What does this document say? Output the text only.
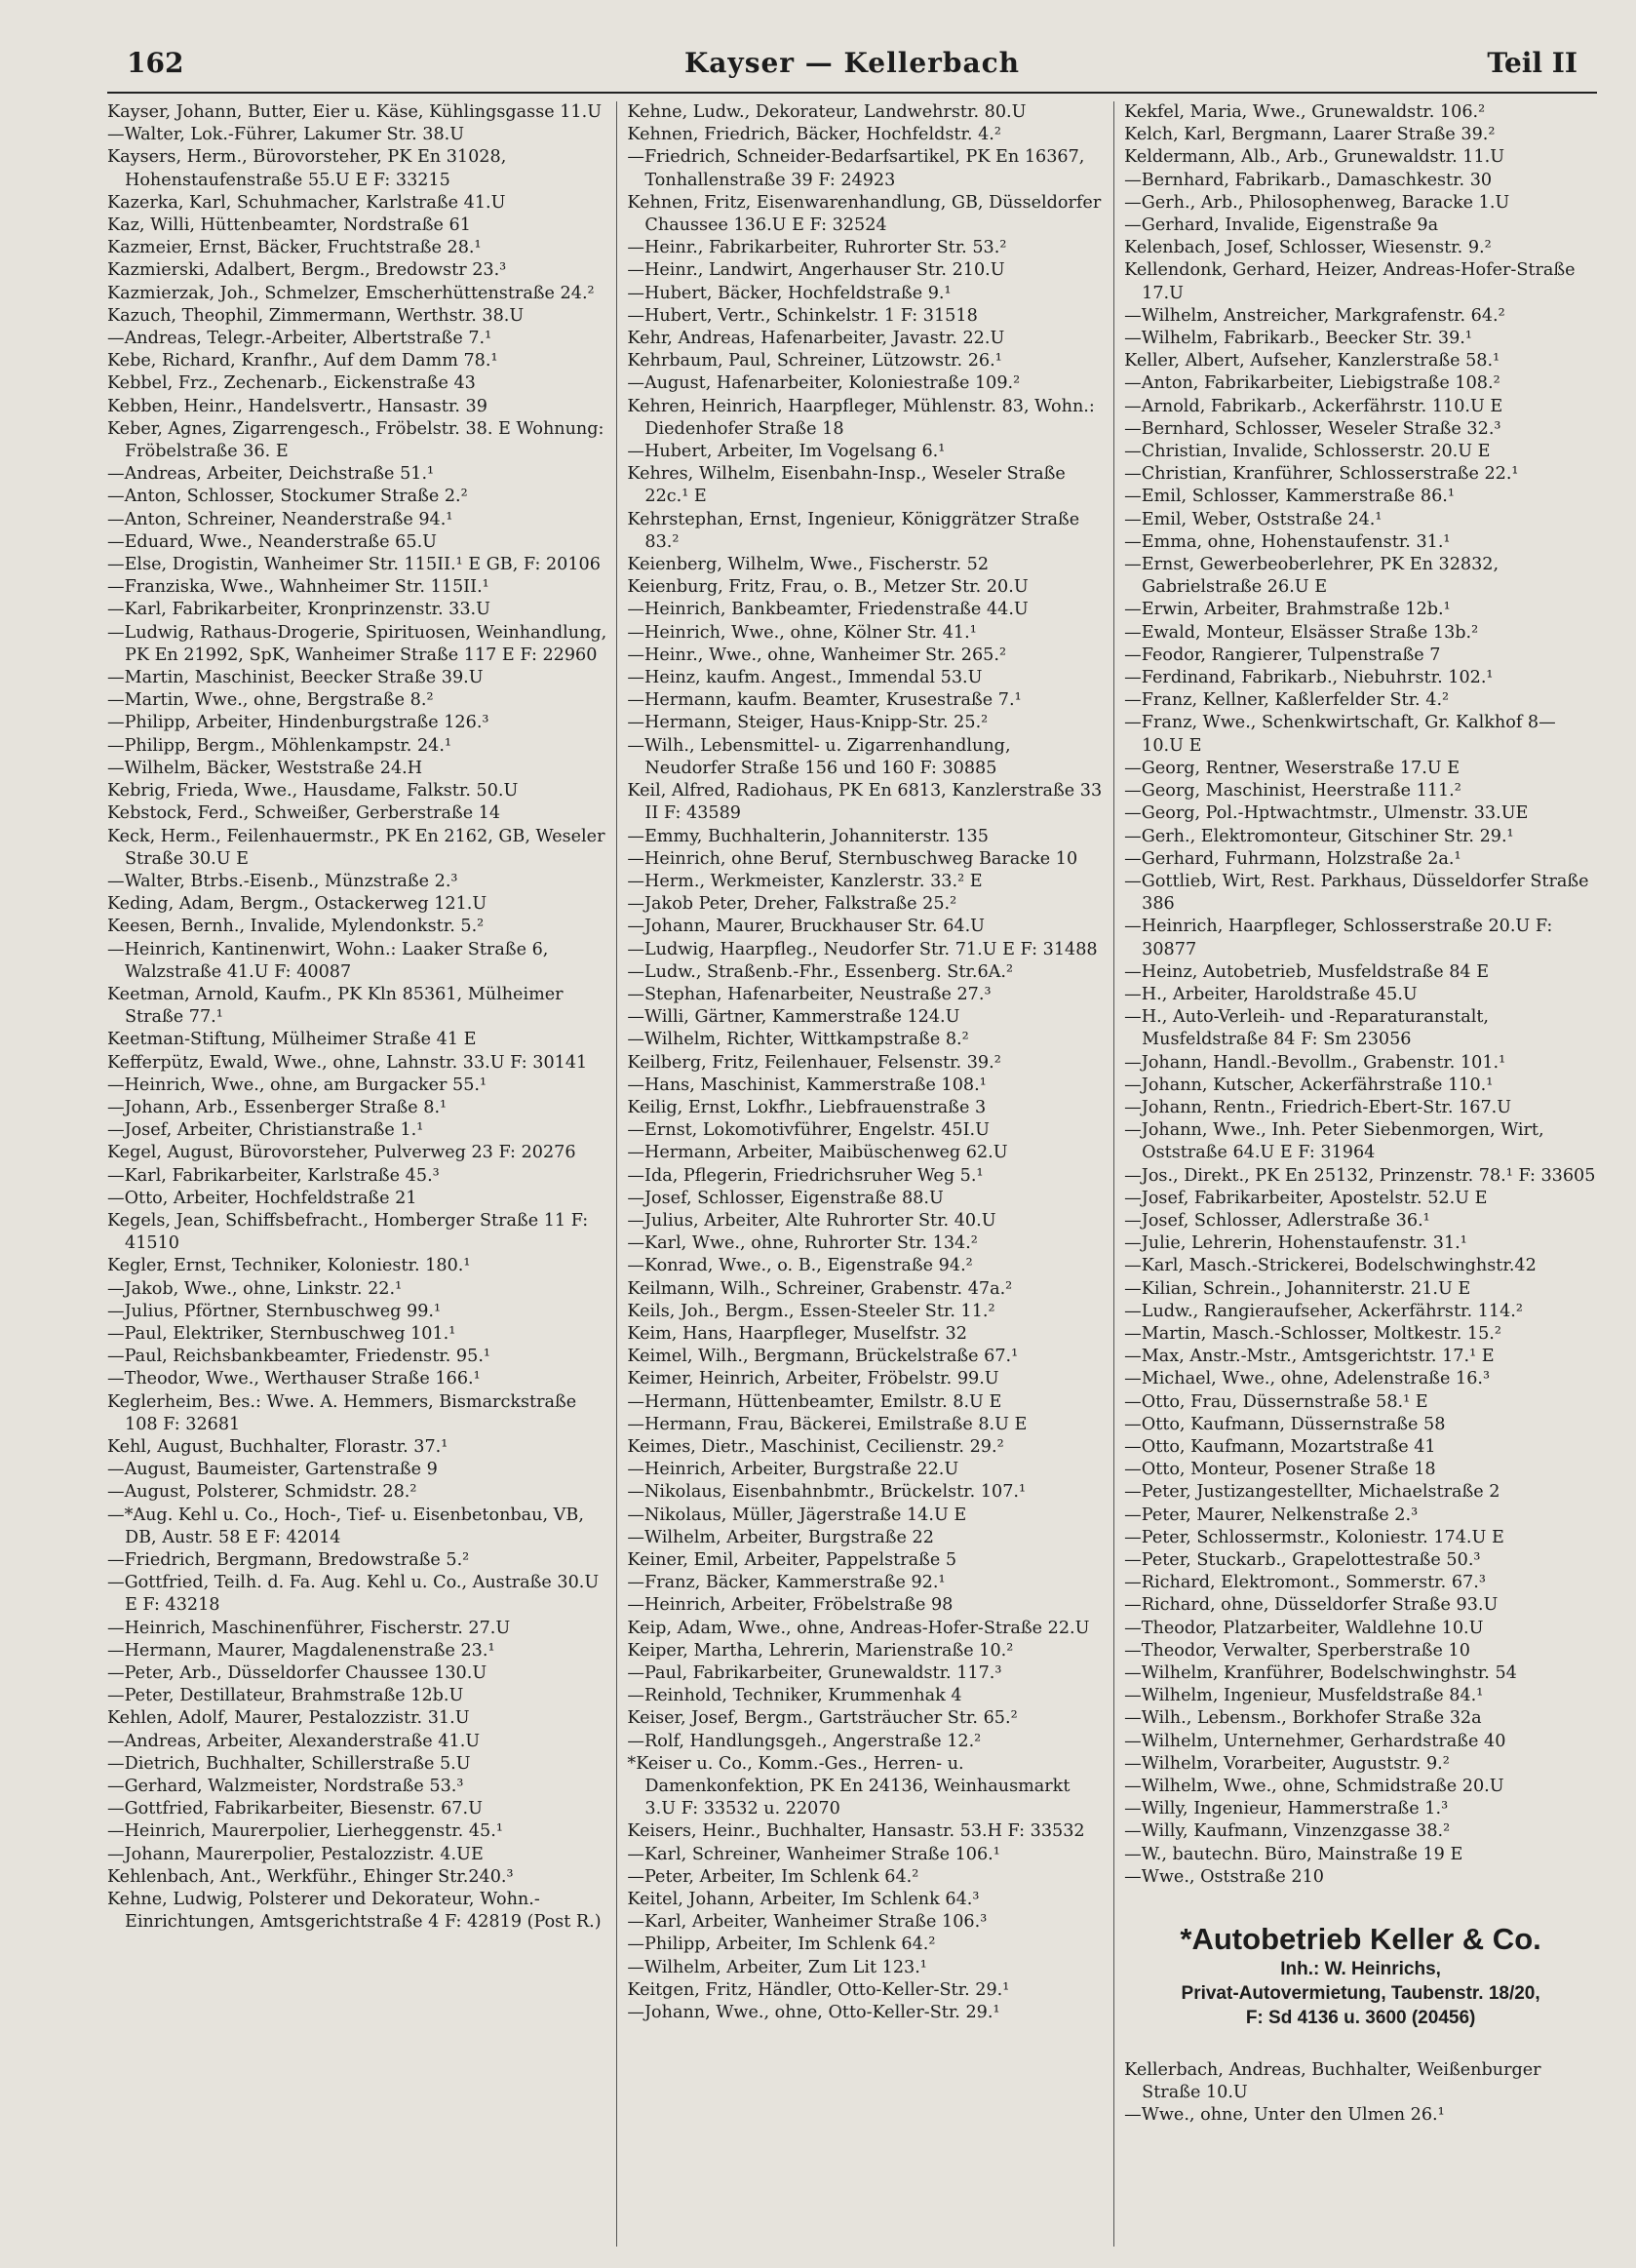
162	Kayser — Kellerbach	Teil II
Kayser, Johann, Butter, Eier u. Käse, Kühlingsgasse 11.U
—Walter, Lok.-Führer, Lakumer Str. 38.U
Kaysers, Herm., Bürovorsteher, PK En 31028, Hohenstaufenstraße 55.U E F: 33215
Kazerka, Karl, Schuhmacher, Karlstraße 41.U
Kaz, Willi, Hüttenbeamter, Nordstraße 61
Kazmeier, Ernst, Bäcker, Fruchtstraße 28.¹
Kazmierski, Adalbert, Bergm., Bredowstr 23.³
Kazmierzak, Joh., Schmelzer, Emscherhüttenstraße 24.²
Kazuch, Theophil, Zimmermann, Werthstr. 38.U
—Andreas, Telegr.-Arbeiter, Albertstraße 7.¹
Kebe, Richard, Kranfhr., Auf dem Damm 78.¹
Kebbel, Frz., Zechenarb., Eickenstraße 43
Kebben, Heinr., Handelsvertr., Hansastr. 39
Keber, Agnes, Zigarrengesch., Fröbelstr. 38. E Wohnung: Fröbelstraße 36. E
—Andreas, Arbeiter, Deichstraße 51.¹
—Anton, Schlosser, Stockumer Straße 2.²
—Anton, Schreiner, Neanderstraße 94.¹
—Eduard, Wwe., Neanderstraße 65.U
—Else, Drogistin, Wanheimer Str. 115II.¹ E GB, F: 20106
—Franziska, Wwe., Wahnheimer Str. 115II.¹
—Karl, Fabrikarbeiter, Kronprinzenstr. 33.U
—Ludwig, Rathaus-Drogerie, Spirituosen, Weinhandlung, PK En 21992, SpK, Wanheimer Straße 117 E F: 22960
—Martin, Maschinist, Beecker Straße 39.U
—Martin, Wwe., ohne, Bergstraße 8.²
—Philipp, Arbeiter, Hindenburgstraße 126.³
—Philipp, Bergm., Möhlenkampstr. 24.¹
—Wilhelm, Bäcker, Weststraße 24.H
Kebrig, Frieda, Wwe., Hausdame, Falkstr. 50.U
Kebstock, Ferd., Schweißer, Gerberstraße 14
Keck, Herm., Feilenhauermstr., PK En 2162, GB, Weseler Straße 30.U E
—Walter, Btrbs.-Eisenb., Münzstraße 2.³
Keding, Adam, Bergm., Ostackerweg 121.U
Keesen, Bernh., Invalide, Mylendonkstr. 5.²
—Heinrich, Kantinenwirt, Wohn.: Laaker Straße 6, Walzstraße 41.U F: 40087
Keetman, Arnold, Kaufm., PK Kln 85361, Mülheimer Straße 77.¹
Keetman-Stiftung, Mülheimer Straße 41 E
Kefferpütz, Ewald, Wwe., ohne, Lahnstr. 33.U F: 30141
—Heinrich, Wwe., ohne, am Burgacker 55.¹
—Johann, Arb., Essenberger Straße 8.¹
—Josef, Arbeiter, Christianstraße 1.¹
Kegel, August, Bürovorsteher, Pulverweg 23 F: 20276
—Karl, Fabrikarbeiter, Karlstraße 45.³
—Otto, Arbeiter, Hochfeldstraße 21
Kegels, Jean, Schiffsbefracht., Homberger Straße 11 F: 41510
Kegler, Ernst, Techniker, Koloniestr. 180.¹
—Jakob, Wwe., ohne, Linkstr. 22.¹
—Julius, Pförtner, Sternbuschweg 99.¹
—Paul, Elektriker, Sternbuschweg 101.¹
—Paul, Reichsbankbeamter, Friedenstr. 95.¹
—Theodor, Wwe., Werthauser Straße 166.¹
Keglerheim, Bes.: Wwe. A. Hemmers, Bismarckstraße 108 F: 32681
Kehl, August, Buchhalter, Florastr. 37.¹
—August, Baumeister, Gartenstraße 9
—August, Polsterer, Schmidstr. 28.²
—*Aug. Kehl u. Co., Hoch-, Tief- u. Eisenbetonbau, VB, DB, Austr. 58 E F: 42014
—Friedrich, Bergmann, Bredowstraße 5.²
—Gottfried, Teilh. d. Fa. Aug. Kehl u. Co., Austraße 30.U E F: 43218
—Heinrich, Maschinenführer, Fischerstr. 27.U
—Hermann, Maurer, Magdalenenstraße 23.¹
—Peter, Arb., Düsseldorfer Chaussee 130.U
—Peter, Destillateur, Brahmstraße 12b.U
Kehlen, Adolf, Maurer, Pestalozzistr. 31.U
—Andreas, Arbeiter, Alexanderstraße 41.U
—Dietrich, Buchhalter, Schillerstraße 5.U
—Gerhard, Walzmeister, Nordstraße 53.³
—Gottfried, Fabrikarbeiter, Biesenstr. 67.U
—Heinrich, Maurerpolier, Lierheggenstr. 45.¹
—Johann, Maurerpolier, Pestalozzistr. 4.UE
Kehlenbach, Ant., Werkführ., Ehinger Str.240.³
Kehne, Ludwig, Polsterer und Dekorateur, Wohn.-Einrichtungen, Amtsgerichtstraße 4 F: 42819 (Post R.)
Kehne, Ludw., Dekorateur, Landwehrstr. 80.U
Kehnen, Friedrich, Bäcker, Hochfeldstr. 4.²
—Friedrich, Schneider-Bedarfsartikel, PK En 16367, Tonhallenstraße 39 F: 24923
Kehnen, Fritz, Eisenwarenhandlung, GB, Düsseldorfer Chaussee 136.U E F: 32524
—Heinr., Fabrikarbeiter, Ruhrorter Str. 53.²
—Heinr., Landwirt, Angerhauser Str. 210.U
—Hubert, Bäcker, Hochfeldstraße 9.¹
—Hubert, Vertr., Schinkelstr. 1 F: 31518
Kehr, Andreas, Hafenarbeiter, Javastr. 22.U
Kehrbaum, Paul, Schreiner, Lützowstr. 26.¹
—August, Hafenarbeiter, Koloniestraße 109.²
Kehren, Heinrich, Haarpfleger, Mühlenstr. 83, Wohn.: Diedenhofer Straße 18
—Hubert, Arbeiter, Im Vogelsang 6.¹
Kehres, Wilhelm, Eisenbahn-Insp., Weseler Straße 22c.¹ E
Kehrstephan, Ernst, Ingenieur, Königgrätzer Straße 83.²
Keienberg, Wilhelm, Wwe., Fischerstr. 52
Keienburg, Fritz, Frau, o. B., Metzer Str. 20.U
—Heinrich, Bankbeamter, Friedenstraße 44.U
—Heinrich, Wwe., ohne, Kölner Str. 41.¹
—Heinr., Wwe., ohne, Wanheimer Str. 265.²
—Heinz, kaufm. Angest., Immendal 53.U
—Hermann, kaufm. Beamter, Krusestraße 7.¹
—Hermann, Steiger, Haus-Knipp-Str. 25.²
—Wilh., Lebensmittel- u. Zigarrenhandlung, Neudorfer Straße 156 und 160 F: 30885
Keil, Alfred, Radiohaus, PK En 6813, Kanzlerstraße 33 II F: 43589
—Emmy, Buchhalterin, Johanniterstr. 135
—Heinrich, ohne Beruf, Sternbuschweg Baracke 10
—Herm., Werkmeister, Kanzlerstr. 33.² E
—Jakob Peter, Dreher, Falkstraße 25.²
—Johann, Maurer, Bruckhauser Str. 64.U
—Ludwig, Haarpfleg., Neudorfer Str. 71.U E F: 31488
—Ludw., Straßenb.-Fhr., Essenberg. Str.6A.²
—Stephan, Hafenarbeiter, Neustraße 27.³
—Willi, Gärtner, Kammerstraße 124.U
—Wilhelm, Richter, Wittkampstraße 8.²
Keilberg, Fritz, Feilenhauer, Felsenstr. 39.²
—Hans, Maschinist, Kammerstraße 108.¹
Keilig, Ernst, Lokfhr., Liebfrauenstraße 3
—Ernst, Lokomotivführer, Engelstr. 45I.U
—Hermann, Arbeiter, Maibüschenweg 62.U
—Ida, Pflegerin, Friedrichsruher Weg 5.¹
—Josef, Schlosser, Eigenstraße 88.U
—Julius, Arbeiter, Alte Ruhrorter Str. 40.U
—Karl, Wwe., ohne, Ruhrorter Str. 134.²
—Konrad, Wwe., o. B., Eigenstraße 94.²
Keilmann, Wilh., Schreiner, Grabenstr. 47a.²
Keils, Joh., Bergm., Essen-Steeler Str. 11.²
Keim, Hans, Haarpfleger, Muselfstr. 32
Keimel, Wilh., Bergmann, Brückelstraße 67.¹
Keimer, Heinrich, Arbeiter, Fröbelstr. 99.U
—Hermann, Hüttenbeamter, Emilstr. 8.U E
—Hermann, Frau, Bäckerei, Emilstraße 8.U E
Keimes, Dietr., Maschinist, Cecilienstr. 29.²
—Heinrich, Arbeiter, Burgstraße 22.U
—Nikolaus, Eisenbahnbmtr., Brückelstr. 107.¹
—Nikolaus, Müller, Jägerstraße 14.U E
—Wilhelm, Arbeiter, Burgstraße 22
Keiner, Emil, Arbeiter, Pappelstraße 5
—Franz, Bäcker, Kammerstraße 92.¹
—Heinrich, Arbeiter, Fröbelstraße 98
Keip, Adam, Wwe., ohne, Andreas-Hofer-Straße 22.U
Keiper, Martha, Lehrerin, Marienstraße 10.²
—Paul, Fabrikarbeiter, Grunewaldstr. 117.³
—Reinhold, Techniker, Krummenhak 4
Keiser, Josef, Bergm., Gartsträucher Str. 65.²
—Rolf, Handlungsgeh., Angerstraße 12.²
*Keiser u. Co., Komm.-Ges., Herren- u. Damenkonfektion, PK En 24136, Weinhausmarkt 3.U F: 33532 u. 22070
Keisers, Heinr., Buchhalter, Hansastr. 53.H F: 33532
—Karl, Schreiner, Wanheimer Straße 106.¹
—Peter, Arbeiter, Im Schlenk 64.²
Keitel, Johann, Arbeiter, Im Schlenk 64.³
—Karl, Arbeiter, Wanheimer Straße 106.³
—Philipp, Arbeiter, Im Schlenk 64.²
—Wilhelm, Arbeiter, Zum Lit 123.¹
Keitgen, Fritz, Händler, Otto-Keller-Str. 29.¹
—Johann, Wwe., ohne, Otto-Keller-Str. 29.¹
Kekfel, Maria, Wwe., Grunewaldstr. 106.²
Kelch, Karl, Bergmann, Laarer Straße 39.²
Keldermann, Alb., Arb., Grunewaldstr. 11.U
—Bernhard, Fabrikarb., Damaschkestr. 30
—Gerh., Arb., Philosophenweg, Baracke 1.U
—Gerhard, Invalide, Eigenstraße 9a
Kelenbach, Josef, Schlosser, Wiesenstr. 9.²
Kellendonk, Gerhard, Heizer, Andreas-Hofer-Straße 17.U
—Wilhelm, Anstreicher, Markgrafenstr. 64.²
—Wilhelm, Fabrikarb., Beecker Str. 39.¹
Keller, Albert, Aufseher, Kanzlerstraße 58.¹
—Anton, Fabrikarbeiter, Liebigstraße 108.²
—Arnold, Fabrikarb., Ackerfährstr. 110.U E
—Bernhard, Schlosser, Weseler Straße 32.³
—Christian, Invalide, Schlosserstr. 20.U E
—Christian, Kranführer, Schlosserstraße 22.¹
—Emil, Schlosser, Kammerstraße 86.¹
—Emil, Weber, Oststraße 24.¹
—Emma, ohne, Hohenstaufenstr. 31.¹
—Ernst, Gewerbeoberlehrer, PK En 32832, Gabrielstraße 26.U E
—Erwin, Arbeiter, Brahmstraße 12b.¹
—Ewald, Monteur, Elsässer Straße 13b.²
—Feodor, Rangierer, Tulpenstraße 7
—Ferdinand, Fabrikarb., Niebuhrstr. 102.¹
—Franz, Kellner, Kaßlerfelder Str. 4.²
—Franz, Wwe., Schenkwirtschaft, Gr. Kalkhof 8—10.U E
—Georg, Rentner, Weserstraße 17.U E
—Georg, Maschinist, Heerstraße 111.²
—Georg, Pol.-Hptwachtmstr., Ulmenstr. 33.UE
—Gerh., Elektromonteur, Gitschiner Str. 29.¹
—Gerhard, Fuhrmann, Holzstraße 2a.¹
—Gottlieb, Wirt, Rest. Parkhaus, Düsseldorfer Straße 386
—Heinrich, Haarpfleger, Schlosserstraße 20.U F: 30877
—Heinz, Autobetrieb, Musfeldstraße 84 E
—H., Arbeiter, Haroldstraße 45.U
—H., Auto-Verleih- und -Reparaturanstalt, Musfeldstraße 84 F: Sm 23056
—Johann, Handl.-Bevollm., Grabenstr. 101.¹
—Johann, Kutscher, Ackerfährstraße 110.¹
—Johann, Rentn., Friedrich-Ebert-Str. 167.U
—Johann, Wwe., Inh. Peter Siebenmorgen, Wirt, Oststraße 64.U E F: 31964
—Jos., Direkt., PK En 25132, Prinzenstr. 78.¹ F: 33605
—Josef, Fabrikarbeiter, Apostelstr. 52.U E
—Josef, Schlosser, Adlerstraße 36.¹
—Julie, Lehrerin, Hohenstaufenstr. 31.¹
—Karl, Masch.-Strickerei, Bodelschwinghstr.42
—Kilian, Schrein., Johanniterstr. 21.U E
—Ludw., Rangieraufseher, Ackerfährstr. 114.²
—Martin, Masch.-Schlosser, Moltkestr. 15.²
—Max, Anstr.-Mstr., Amtsgerichtstr. 17.¹ E
—Michael, Wwe., ohne, Adelenstraße 16.³
—Otto, Frau, Düssernstraße 58.¹ E
—Otto, Kaufmann, Düssernstraße 58
—Otto, Kaufmann, Mozartstraße 41
—Otto, Monteur, Posener Straße 18
—Peter, Justizangestellter, Michaelstraße 2
—Peter, Maurer, Nelkenstraße 2.³
—Peter, Schlossermstr., Koloniestr. 174.U E
—Peter, Stuckarb., Grapelottestraße 50.³
—Richard, Elektromont., Sommerstr. 67.³
—Richard, ohne, Düsseldorfer Straße 93.U
—Theodor, Platzarbeiter, Waldlehne 10.U
—Theodor, Verwalter, Sperberstraße 10
—Wilhelm, Kranführer, Bodelschwinghstr. 54
—Wilhelm, Ingenieur, Musfeldstraße 84.¹
—Wilh., Lebensm., Borkhofer Straße 32a
—Wilhelm, Unternehmer, Gerhardstraße 40
—Wilhelm, Vorarbeiter, Auguststr. 9.²
—Wilhelm, Wwe., ohne, Schmidstraße 20.U
—Willy, Ingenieur, Hammerstraße 1.³
—Willy, Kaufmann, Vinzenzgasse 38.²
—W., bautechn. Büro, Mainstraße 19 E
—Wwe., Oststraße 210
*Autobetrieb Keller & Co.
Inh.: W. Heinrichs,
Privat-Autovermietung, Taubenstr. 18/20,
F: Sd 4136 u. 3600 (20456)
Kellerbach, Andreas, Buchhalter, Weißenburger Straße 10.U
—Wwe., ohne, Unter den Ulmen 26.¹
